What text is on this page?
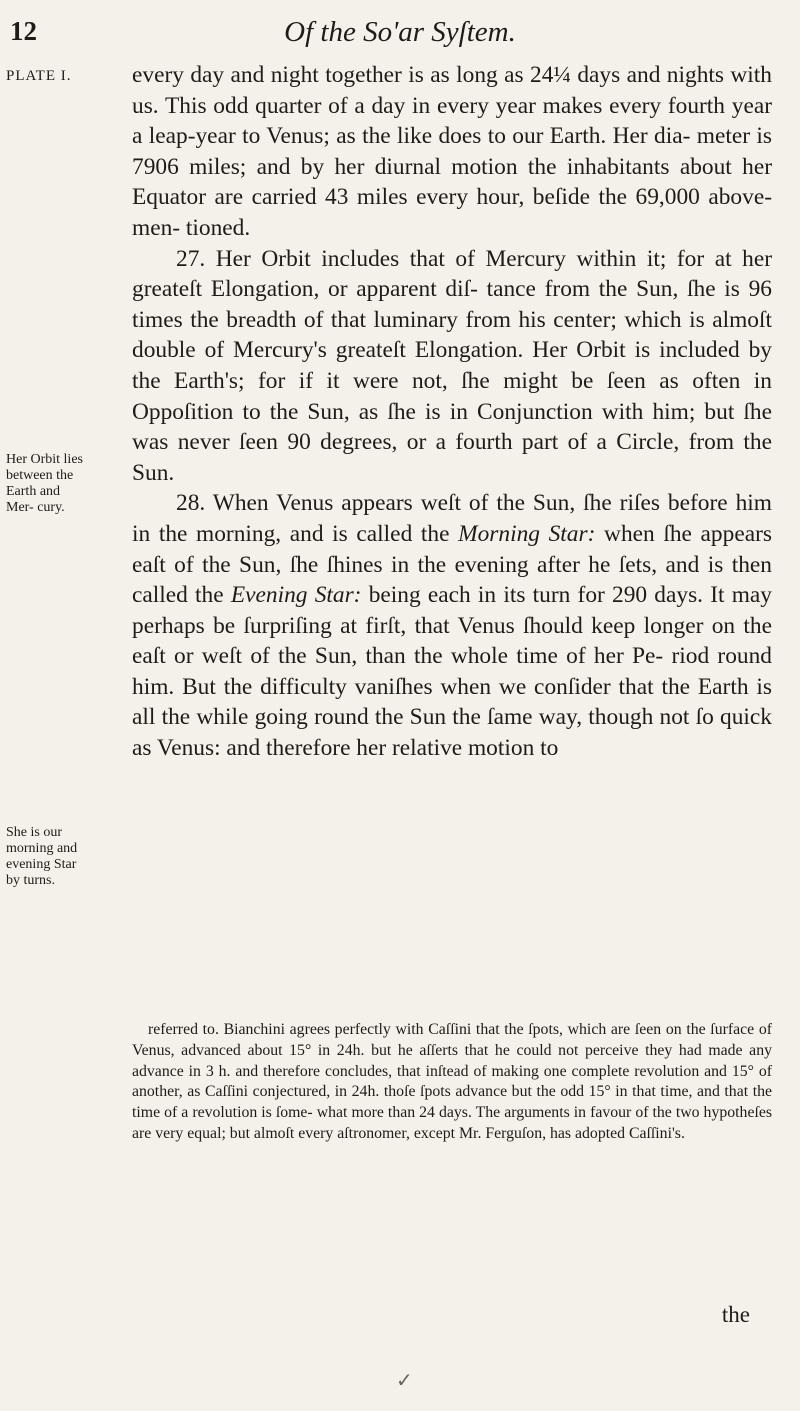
12	Of the So'ar Syſtem.
PLATE I.
Her Orbit lies between the Earth and Mer- cury.
She is our morning and evening Star by turns.

every day and night together is as long as 24¼ days and nights with us. This odd quarter of a day in every year makes every fourth year a leap-year to Venus; as the like does to our Earth. Her dia- meter is 7906 miles; and by her diurnal motion the inhabitants about her Equator are carried 43 miles every hour, beſide the 69,000 above-men- tioned.

27. Her Orbit includes that of Mercury within it; for at her greateſt Elongation, or apparent diſ- tance from the Sun, ſhe is 96 times the breadth of that luminary from his center; which is almoſt double of Mercury's greateſt Elongation. Her Orbit is included by the Earth's; for if it were not, ſhe might be ſeen as often in Oppoſition to the Sun, as ſhe is in Conjunction with him; but ſhe was never ſeen 90 degrees, or a fourth part of a Circle, from the Sun.

28. When Venus appears weſt of the Sun, ſhe riſes before him in the morning, and is called the Morning Star: when ſhe appears eaſt of the Sun, ſhe ſhines in the evening after he ſets, and is then called the Evening Star: being each in its turn for 290 days. It may perhaps be ſurpriſing at firſt, that Venus ſhould keep longer on the eaſt or weſt of the Sun, than the whole time of her Pe- riod round him. But the difficulty vaniſhes when we conſider that the Earth is all the while going round the Sun the ſame way, though not ſo quick as Venus: and therefore her relative motion to

referred to. Bianchini agrees perfectly with Caſſini that the ſpots, which are ſeen on the ſurface of Venus, advanced about 15° in 24h. but he aſſerts that he could not perceive they had made any advance in 3 h. and therefore concludes, that inſtead of making one complete revolution and 15° of another, as Caſſini conjectured, in 24h. thoſe ſpots advance but the odd 15° in that time, and that the time of a revolution is ſome- what more than 24 days. The arguments in favour of the two hypotheſes are very equal; but almoſt every aſtronomer, except Mr. Ferguſon, has adopted Caſſini's.
the
✓
